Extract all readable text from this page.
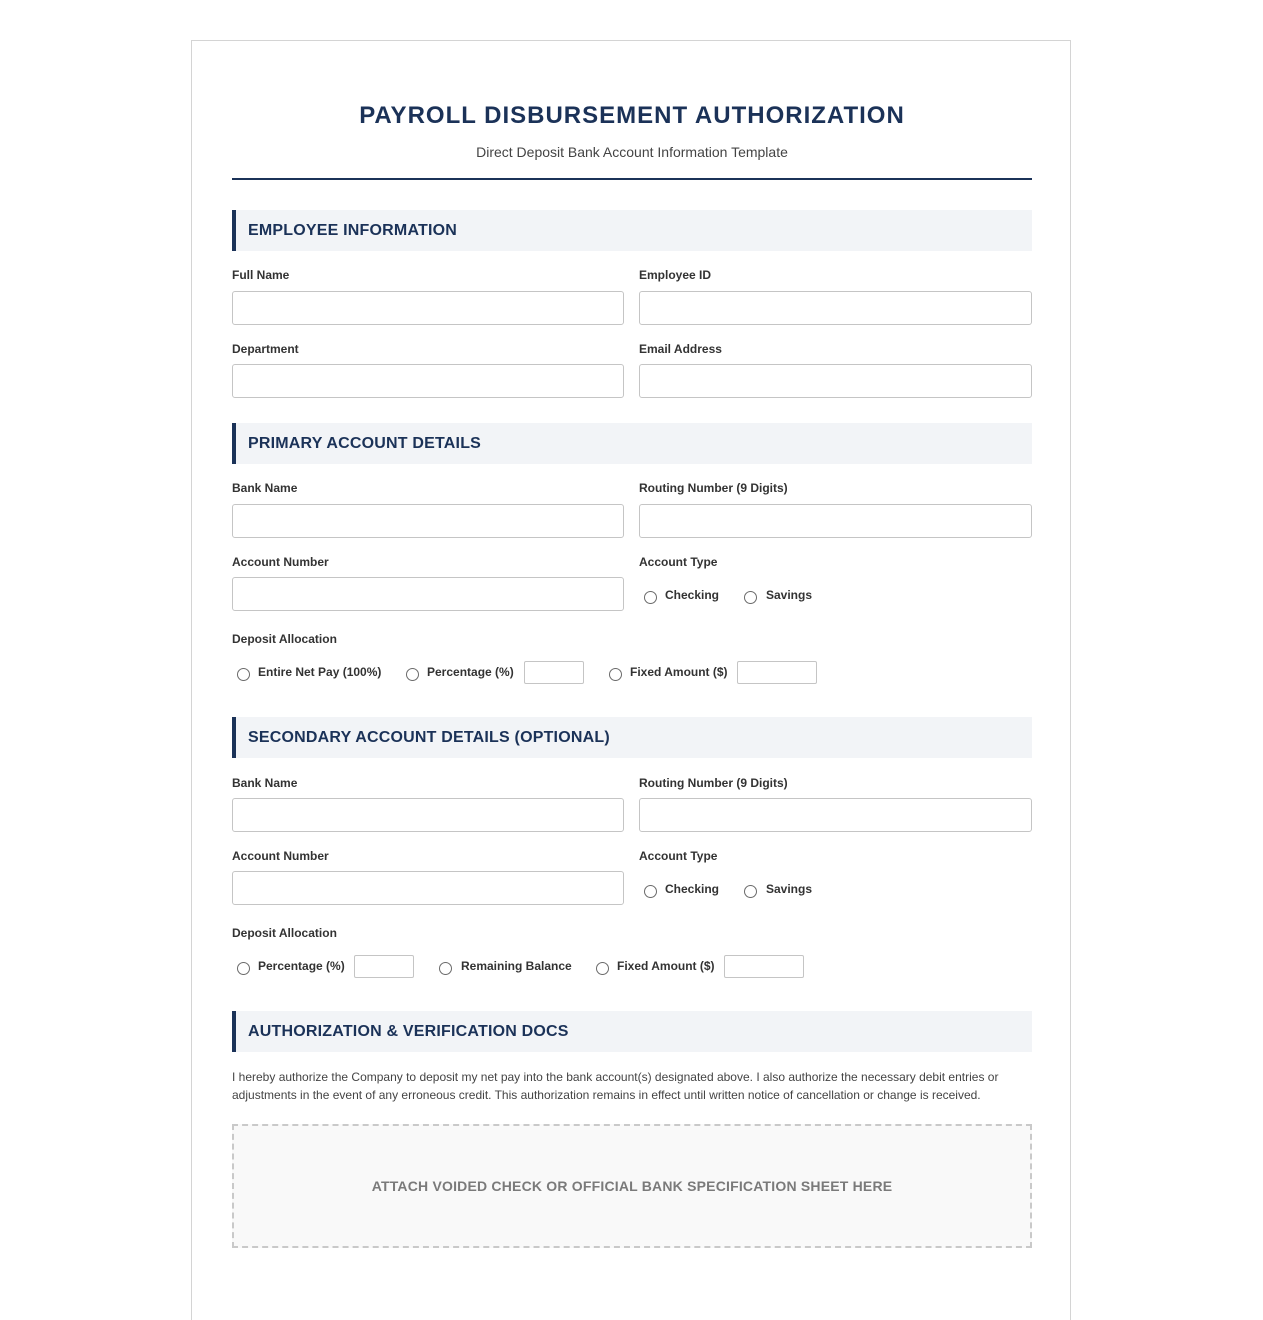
PAYROLL DISBURSEMENT AUTHORIZATION
Direct Deposit Bank Account Information Template
EMPLOYEE INFORMATION
Full Name	Employee ID
Department	Email Address
PRIMARY ACCOUNT DETAILS
Bank Name	Routing Number (9 Digits)
Account Number	Account Type
Checking	Savings
Deposit Allocation
Entire Net Pay (100%)	Percentage (%)	Fixed Amount ($)
SECONDARY ACCOUNT DETAILS (OPTIONAL)
Bank Name	Routing Number (9 Digits)
Account Number	Account Type
Checking	Savings
Deposit Allocation
Percentage (%)	Remaining Balance	Fixed Amount ($)
AUTHORIZATION & VERIFICATION DOCS
I hereby authorize the Company to deposit my net pay into the bank account(s) designated above. I also authorize the necessary debit entries or adjustments in the event of any erroneous credit. This authorization remains in effect until written notice of cancellation or change is received.
ATTACH VOIDED CHECK OR OFFICIAL BANK SPECIFICATION SHEET HERE
